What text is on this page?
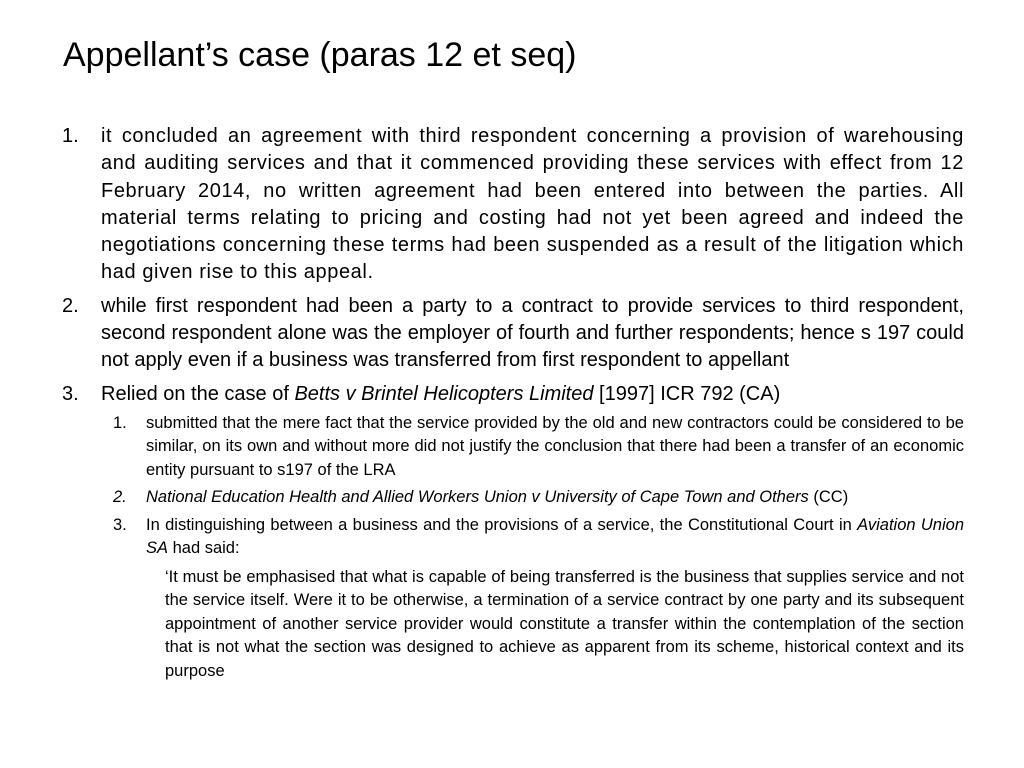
Appellant’s case (paras 12 et seq)
1. it concluded an agreement with third respondent concerning a provision of warehousing and auditing services and that it commenced providing these services with effect from 12 February 2014, no written agreement had been entered into between the parties. All material terms relating to pricing and costing had not yet been agreed and indeed the negotiations concerning these terms had been suspended as a result of the litigation which had given rise to this appeal.
2. while first respondent had been a party to a contract to provide services to third respondent, second respondent alone was the employer of fourth and further respondents; hence s 197 could not apply even if a business was transferred from first respondent to appellant
3. Relied on the case of Betts v Brintel Helicopters Limited [1997] ICR 792 (CA)
1. submitted that the mere fact that the service provided by the old and new contractors could be considered to be similar, on its own and without more did not justify the conclusion that there had been a transfer of an economic entity pursuant to s197 of the LRA
2. National Education Health and Allied Workers Union v University of Cape Town and Others (CC)
3. In distinguishing between a business and the provisions of a service, the Constitutional Court in Aviation Union SA had said:
‘It must be emphasised that what is capable of being transferred is the business that supplies service and not the service itself. Were it to be otherwise, a termination of a service contract by one party and its subsequent appointment of another service provider would constitute a transfer within the contemplation of the section that is not what the section was designed to achieve as apparent from its scheme, historical context and its purpose
